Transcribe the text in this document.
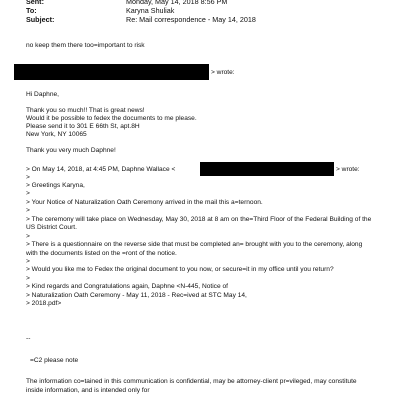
Sent:	Monday, May 14, 2018 8:56 PM
To:	Karyna Shuliak
Subject:	Re: Mail correspondence - May 14, 2018
no keep them there too=important to risk
> wrote:
Hi Daphne,
Thank you so much!! That is great news!
Would it be possible to fedex the documents to me please.
Please send it to 301 E 66th St, apt.8H
New York, NY 10065
Thank you very much Daphne!
> On May 14, 2018, at 4:45 PM, Daphne Wallace <	> wrote:
>
> Greetings Karyna,
>
> Your Notice of Naturalization Oath Ceremony arrived in the mail this a=ternoon.
>
> The ceremony will take place on Wednesday, May 30, 2018 at 8 am on the=Third Floor of the Federal Building of the
US District Court.
>
> There is a questionnaire on the reverse side that must be completed an= brought with you to the ceremony, along
with the documents listed on the =ront of the notice.
>
> Would you like me to Fedex the original document to you now, or secure=it in my office until you return?
>
> Kind regards and Congratulations again, Daphne <N-445, Notice of
> Naturalization Oath Ceremony - May 11, 2018 - Rec=ived at STC May 14,
> 2018.pdf>
--
=C2 please note
The information co=tained in this communication is confidential, may be attorney-client pr=vileged, may constitute
inside information, and is intended only for
